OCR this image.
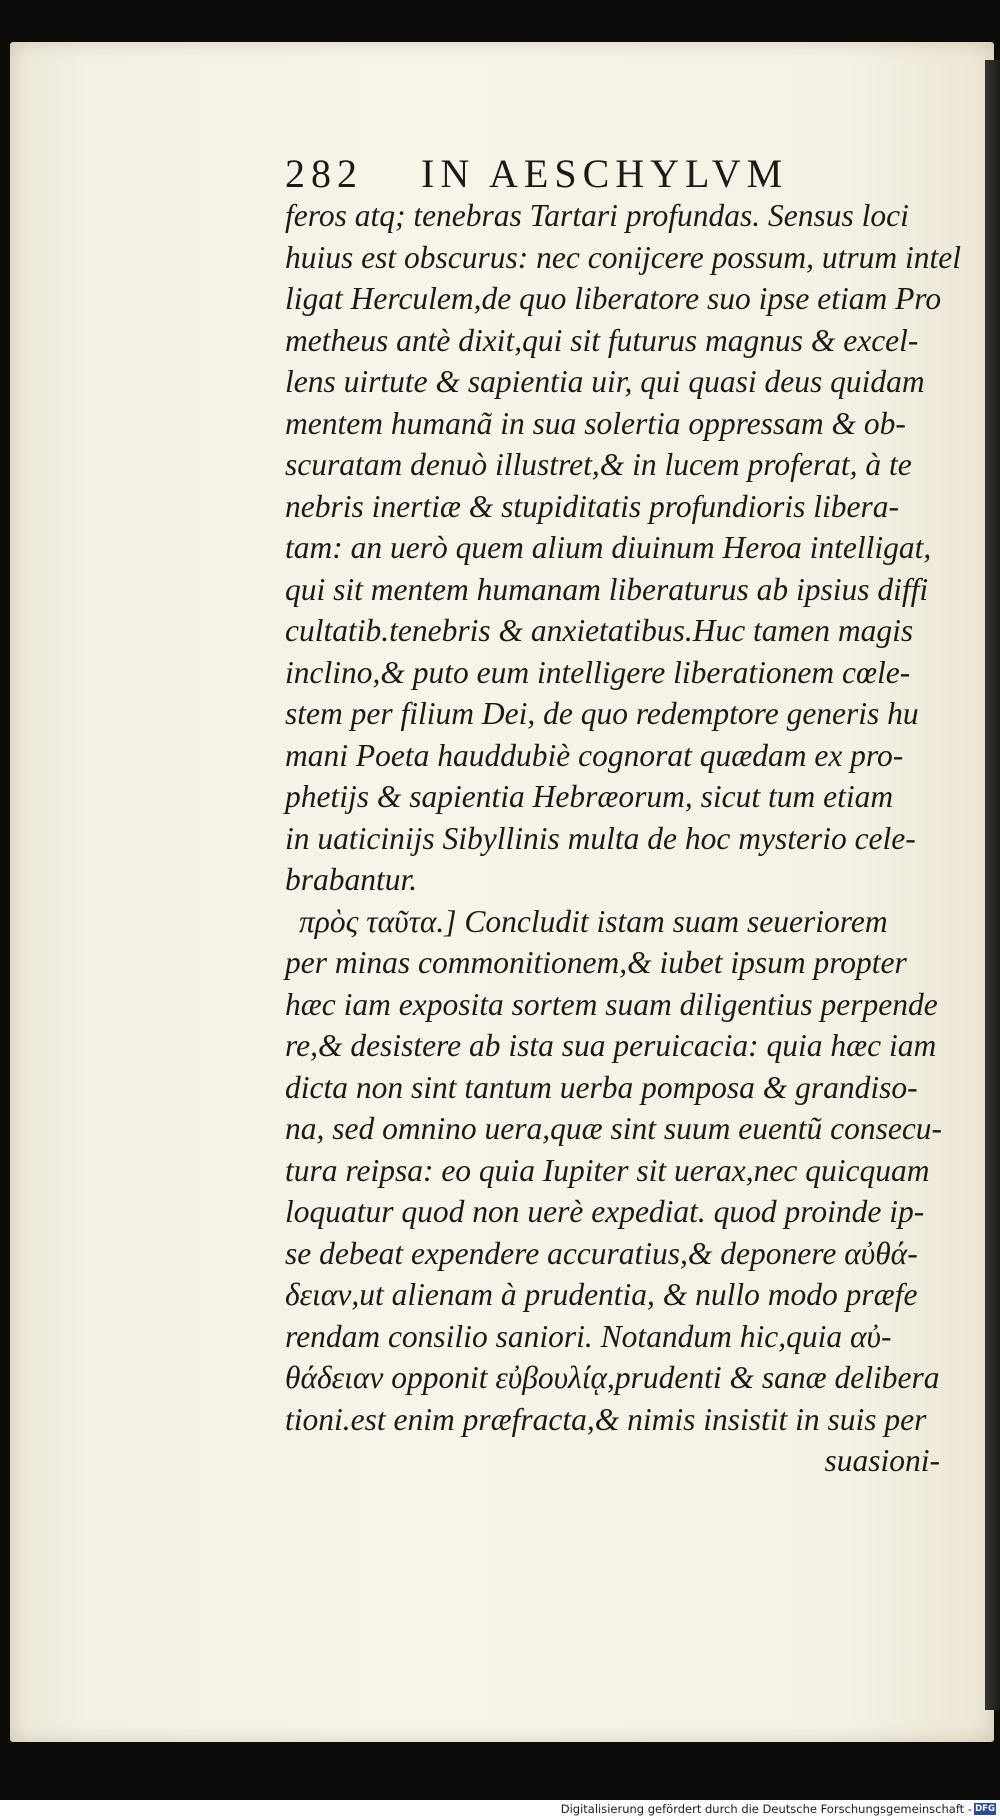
282 IN AESCHYLVM
feros atq; tenebras Tartari profundas. Sensus loci
huius est obscurus: nec conijcere possum, utrum intel
ligat Herculem,de quo liberatore suo ipse etiam Pro
metheus antè dixit,qui sit futurus magnus & excel-
lens uirtute & sapientia uir, qui quasi deus quidam
mentem humanã in sua solertia oppressam & ob-
scuratam denuò illustret,& in lucem proferat, à te
nebris inertiæ & stupiditatis profundioris libera-
tam: an uerò quem alium diuinum Heroa intelligat,
qui sit mentem humanam liberaturus ab ipsius diffi
cultatib.tenebris & anxietatibus.Huc tamen magis
inclino,& puto eum intelligere liberationem cœle-
stem per filium Dei, de quo redemptore generis hu
mani Poeta hauddubiè cognorat quædam ex pro-
phetijs & sapientia Hebræorum, sicut tum etiam
in uaticinijs Sibyllinis multa de hoc mysterio cele-
brabantur.
πρὸς ταῦτα.] Concludit istam suam seueriorem
per minas commonitionem,& iubet ipsum propter
hæc iam exposita sortem suam diligentius perpende
re,& desistere ab ista sua peruicacia: quia hæc iam
dicta non sint tantum uerba pomposa & grandiso-
na, sed omnino uera,quæ sint suum euentũ consecu-
tura reipsa: eo quia Iupiter sit uerax,nec quicquam
loquatur quod non uerè expediat. quod proinde ip-
se debeat expendere accuratius,& deponere αὐθά-
δειαν,ut alienam à prudentia, & nullo modo præfe
rendam consilio saniori. Notandum hic,quia αὐ-
θάδειαν opponit εὐβουλίᾳ,prudenti & sanæ delibera
tioni.est enim præfracta,& nimis insistit in suis per
suasioni-
Digitalisierung gefördert durch die Deutsche Forschungsgemeinschaft - DFG
